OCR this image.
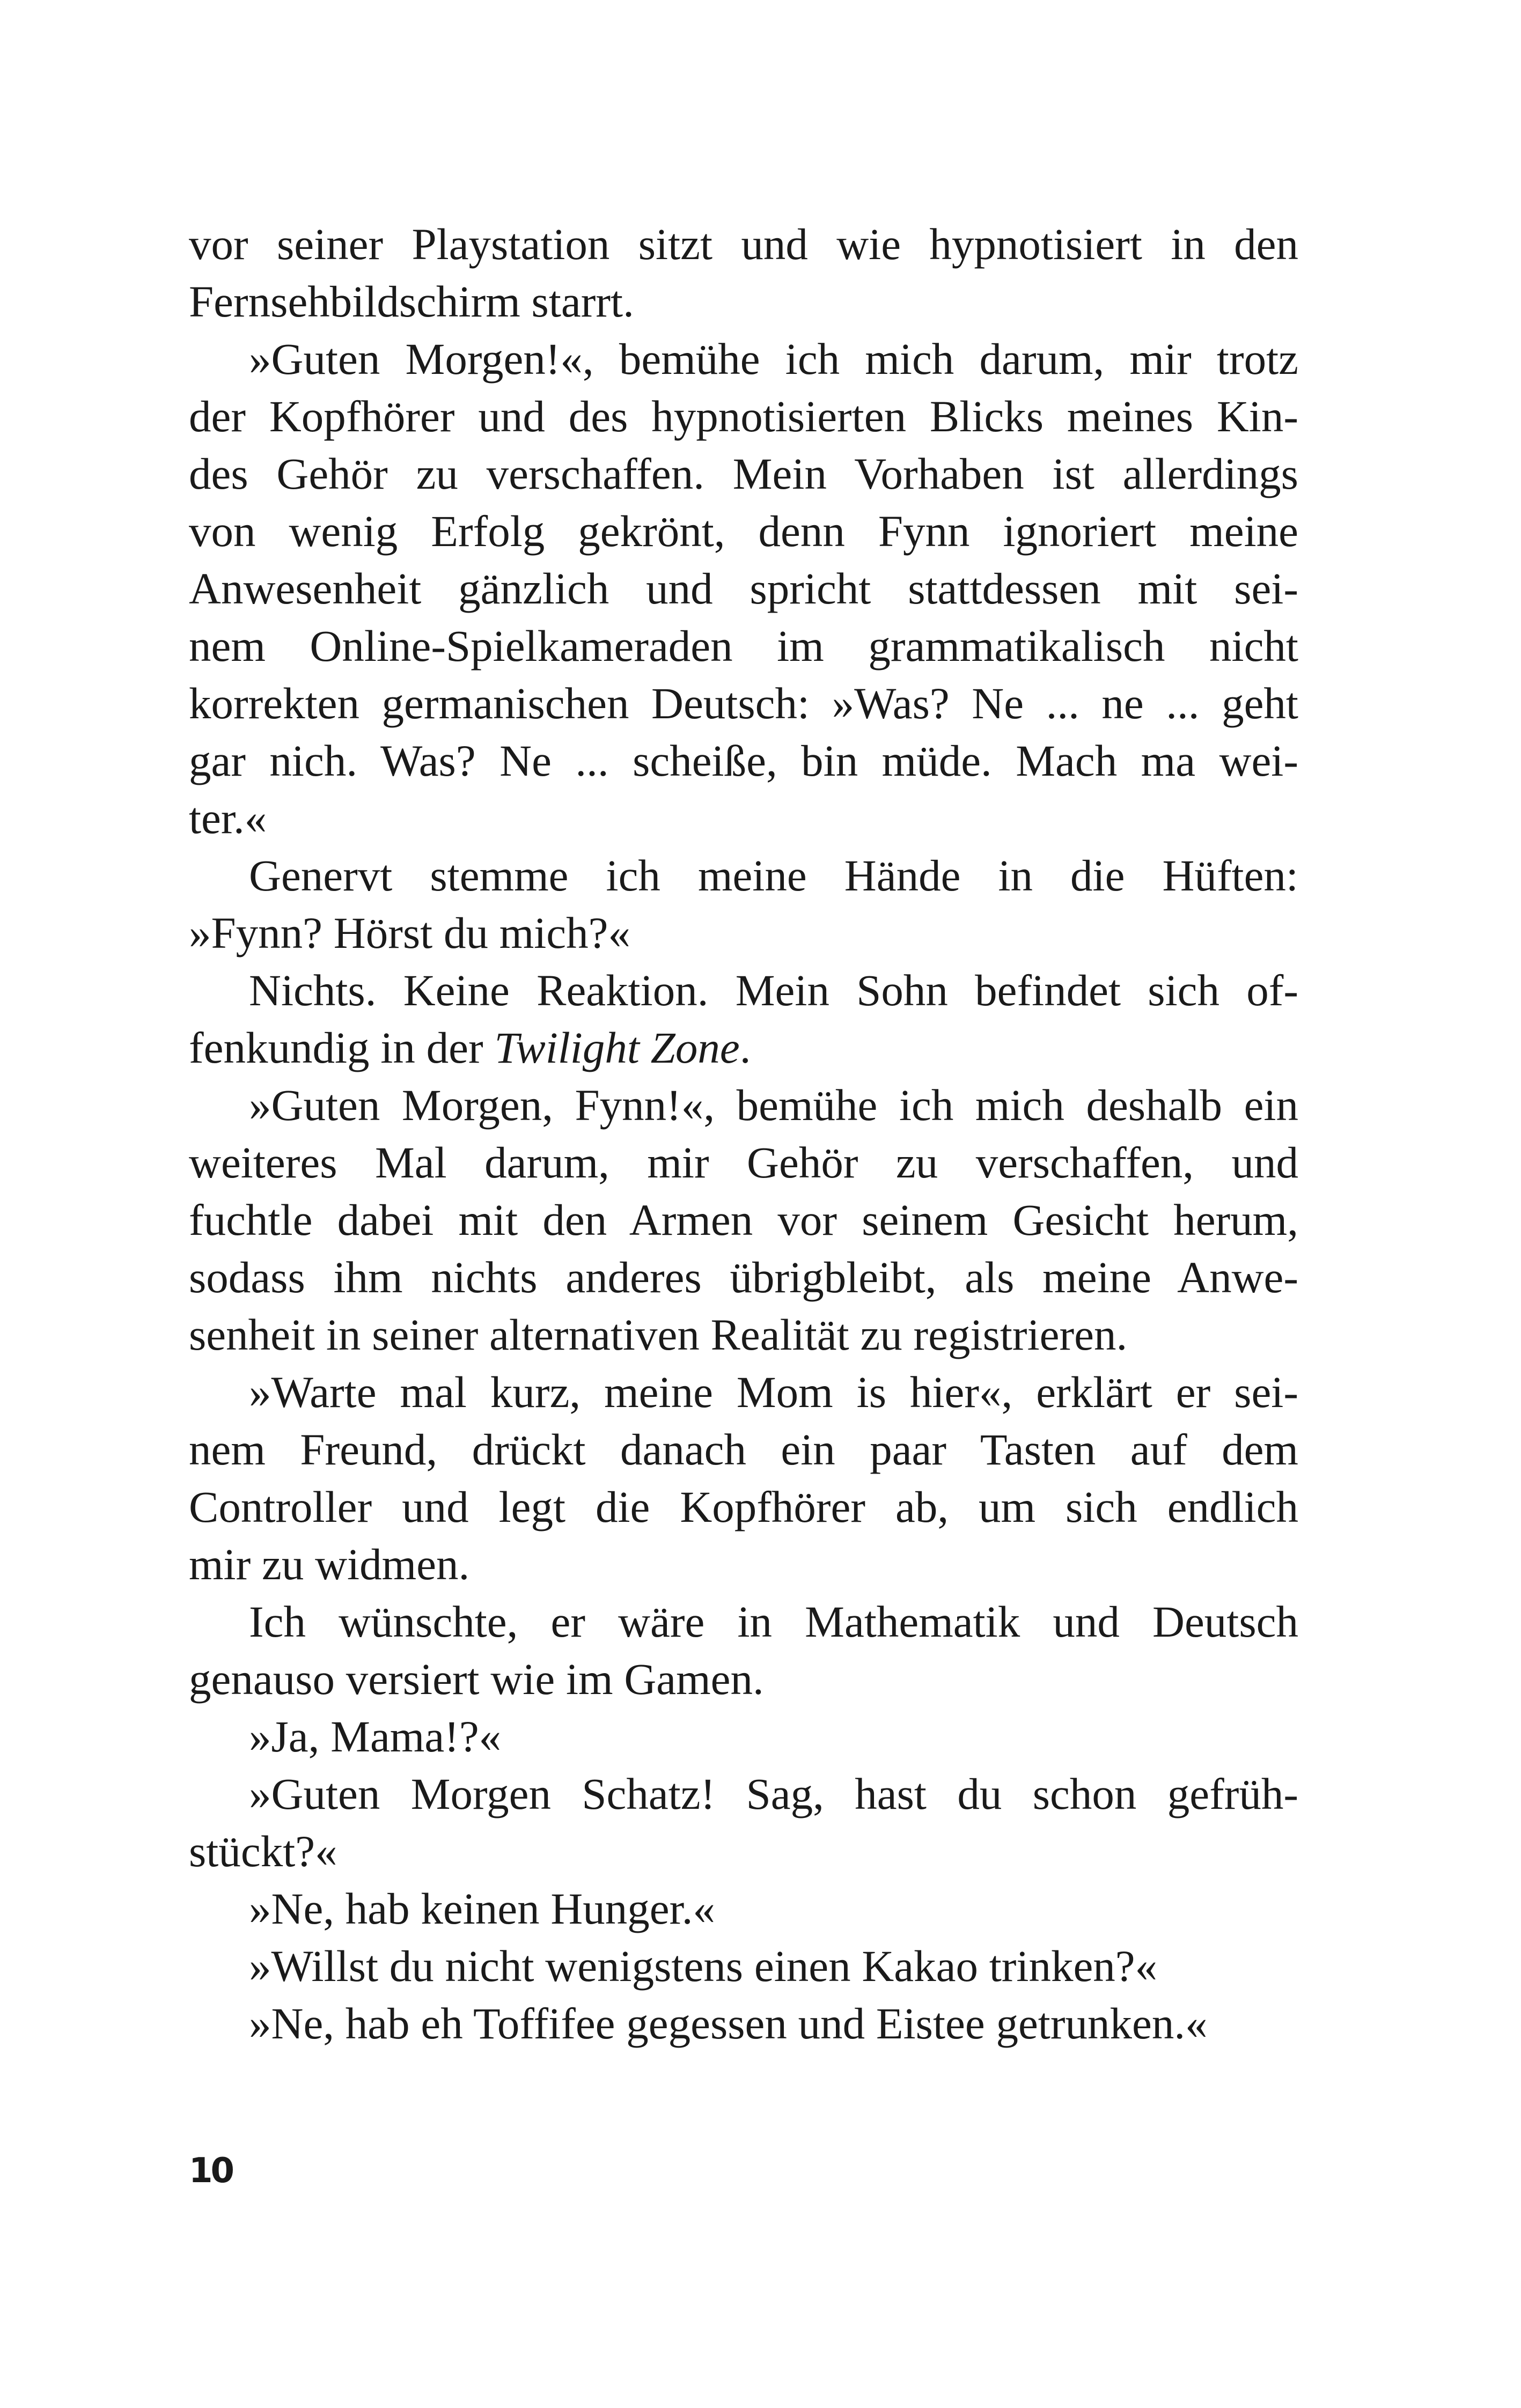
vor seiner Playstation sitzt und wie hypnotisiert in den
Fernsehbildschirm starrt.
»Guten Morgen!«, bemühe ich mich darum, mir trotz
der Kopfhörer und des hypnotisierten Blicks meines Kin-
des Gehör zu verschaffen. Mein Vorhaben ist allerdings
von wenig Erfolg gekrönt, denn Fynn ignoriert meine
Anwesenheit gänzlich und spricht stattdessen mit sei-
nem Online-Spielkameraden im grammatikalisch nicht
korrekten germanischen Deutsch: »Was? Ne ... ne ... geht
gar nich. Was? Ne ... scheiße, bin müde. Mach ma wei-
ter.«
Genervt stemme ich meine Hände in die Hüften:
»Fynn? Hörst du mich?«
Nichts. Keine Reaktion. Mein Sohn befindet sich of-
fenkundig in der Twilight Zone.
»Guten Morgen, Fynn!«, bemühe ich mich deshalb ein
weiteres Mal darum, mir Gehör zu verschaffen, und
fuchtle dabei mit den Armen vor seinem Gesicht herum,
sodass ihm nichts anderes übrigbleibt, als meine Anwe-
senheit in seiner alternativen Realität zu registrieren.
»Warte mal kurz, meine Mom is hier«, erklärt er sei-
nem Freund, drückt danach ein paar Tasten auf dem
Controller und legt die Kopfhörer ab, um sich endlich
mir zu widmen.
Ich wünschte, er wäre in Mathematik und Deutsch
genauso versiert wie im Gamen.
»Ja, Mama!?«
»Guten Morgen Schatz! Sag, hast du schon gefrüh-
stückt?«
»Ne, hab keinen Hunger.«
»Willst du nicht wenigstens einen Kakao trinken?«
»Ne, hab eh Toffifee gegessen und Eistee getrunken.«
10
